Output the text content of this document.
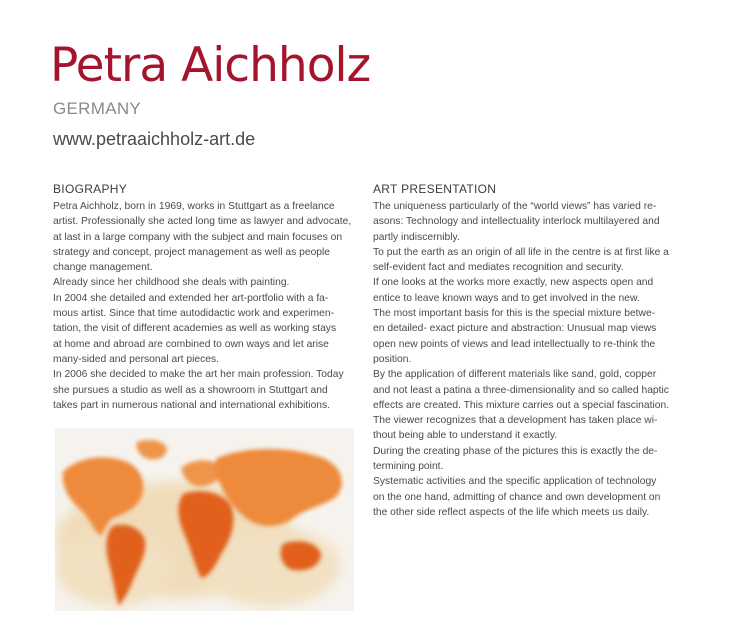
Petra Aichholz
GERMANY
www.petraaichholz-art.de
BIOGRAPHY

Petra Aichholz, born in 1969, works in Stuttgart as a freelance
artist. Professionally she acted long time as lawyer and advocate,
at last in a large company with the subject and main focuses on
strategy and concept, project management as well as people
change management.
Already since her childhood she deals with painting.
In 2004 she detailed and extended her art-portfolio with a fa-
mous artist. Since that time autodidactic work and experimen-
tation, the visit of different academies as well as working stays
at home and abroad are combined to own ways and let arise
many-sided and personal art pieces.
In 2006 she decided to make the art her main profession. Today
she pursues a studio as well as a showroom in Stuttgart and
takes part in numerous national and international exhibitions.

ART PRESENTATION

The uniqueness particularly of the “world views” has varied re-
asons: Technology and intellectuality interlock multilayered and
partly indiscernibly.
To put the earth as an origin of all life in the centre is at first like a
self-evident fact and mediates recognition and security.
If one looks at the works more exactly, new aspects open and
entice to leave known ways and to get involved in the new.
The most important basis for this is the special mixture betwe-
en detailed- exact picture and abstraction: Unusual map views
open new points of views and lead intellectually to re-think the
position.
By the application of different materials like sand, gold, copper
and not least a patina a three-dimensionality and so called haptic
effects are created. This mixture carries out a special fascination.
The viewer recognizes that a development has taken place wi-
thout being able to understand it exactly.
During the creating phase of the pictures this is exactly the de-
termining point.
Systematic activities and the specific application of technology
on the one hand, admitting of chance and own development on
the other side reflect aspects of the life which meets us daily.
